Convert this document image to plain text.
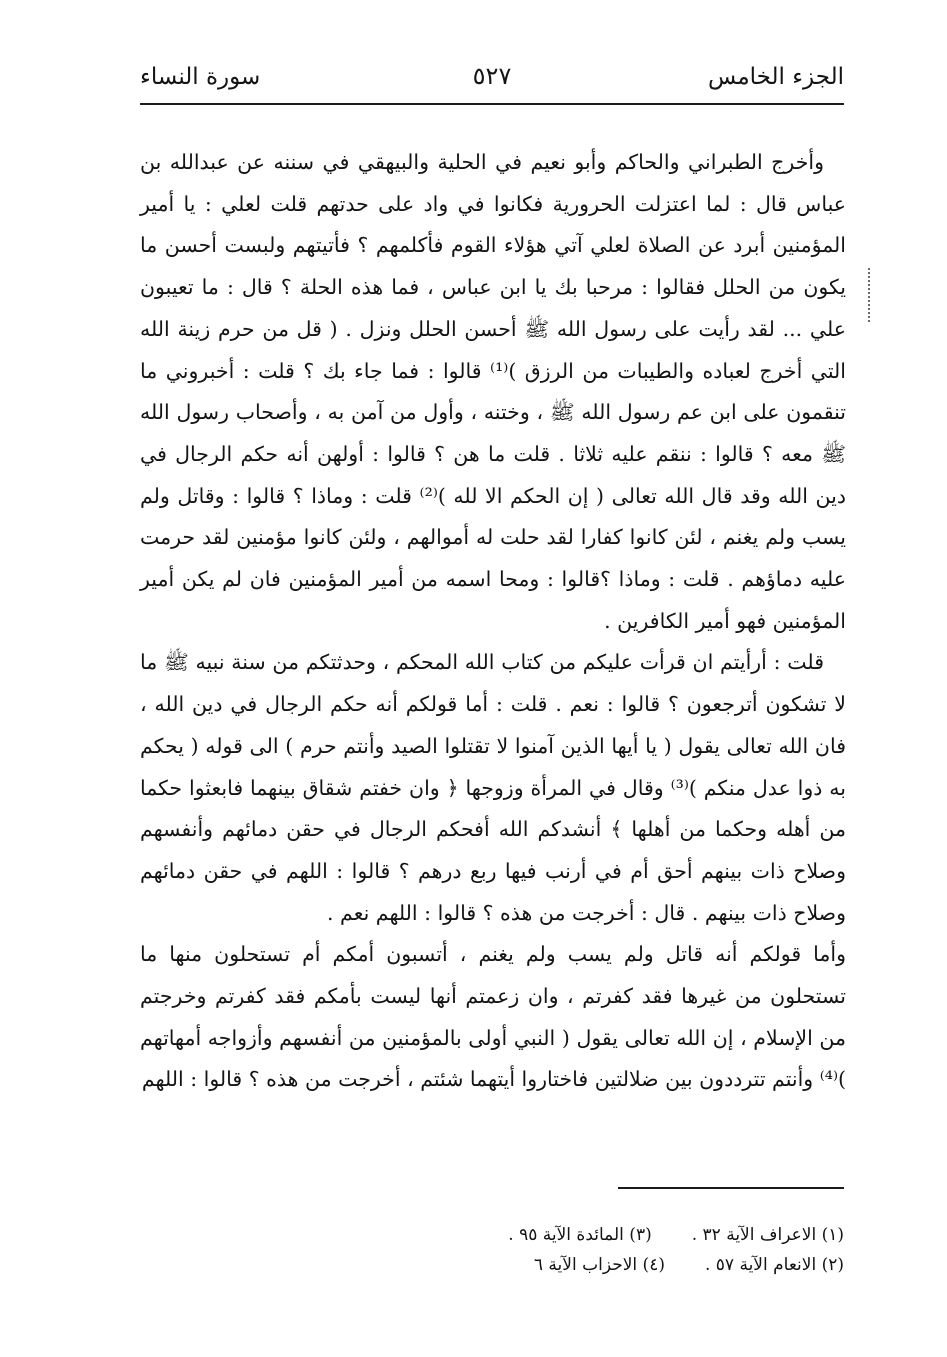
الجزء الخامس
٥٢٧
سورة النساء

وأخرج الطبراني والحاكم وأبو نعيم في الحلية والبيهقي في سننه عن عبدالله بن عباس قال : لما اعتزلت الحرورية فكانوا في واد على حدتهم قلت لعلي : يا أمير المؤمنين أبرد عن الصلاة لعلي آتي هؤلاء القوم فأكلمهم ؟ فأتيتهم ولبست أحسن ما يكون من الحلل فقالوا : مرحبا بك يا ابن عباس ، فما هذه الحلة ؟ قال : ما تعيبون علي ... لقد رأيت على رسول الله ﷺ أحسن الحلل ونزل . ( قل من حرم زينة الله التي أخرج لعباده والطيبات من الرزق )⁽¹⁾ قالوا : فما جاء بك ؟ قلت : أخبروني ما تنقمون على ابن عم رسول الله ﷺ ، وختنه ، وأول من آمن به ، وأصحاب رسول الله ﷺ معه ؟ قالوا : ننقم عليه ثلاثا . قلت ما هن ؟ قالوا : أولهن أنه حكم الرجال في دين الله وقد قال الله تعالى ( إن الحكم الا لله )⁽²⁾ قلت : وماذا ؟ قالوا : وقاتل ولم يسب ولم يغنم ، لئن كانوا كفارا لقد حلت له أموالهم ، ولئن كانوا مؤمنين لقد حرمت عليه دماؤهم . قلت : وماذا ؟قالوا : ومحا اسمه من أمير المؤمنين فان لم يكن أمير المؤمنين فهو أمير الكافرين .

قلت : أرأيتم ان قرأت عليكم من كتاب الله المحكم ، وحدثتكم من سنة نبيه ﷺ ما لا تشكون أترجعون ؟ قالوا : نعم . قلت : أما قولكم أنه حكم الرجال في دين الله ، فان الله تعالى يقول ( يا أيها الذين آمنوا لا تقتلوا الصيد وأنتم حرم ) الى قوله ( يحكم به ذوا عدل منكم )⁽³⁾ وقال في المرأة وزوجها ﴿ وان خفتم شقاق بينهما فابعثوا حكما من أهله وحكما من أهلها ﴾ أنشدكم الله أفحكم الرجال في حقن دمائهم وأنفسهم وصلاح ذات بينهم أحق أم في أرنب فيها ربع درهم ؟ قالوا : اللهم في حقن دمائهم وصلاح ذات بينهم . قال : أخرجت من هذه ؟ قالوا : اللهم نعم .

وأما قولكم أنه قاتل ولم يسب ولم يغنم ، أتسبون أمكم أم تستحلون منها ما تستحلون من غيرها فقد كفرتم ، وان زعمتم أنها ليست بأمكم فقد كفرتم وخرجتم من الإسلام ، إن الله تعالى يقول ( النبي أولى بالمؤمنين من أنفسهم وأزواجه أمهاتهم )⁽⁴⁾ وأنتم تترددون بين ضلالتين فاختاروا أيتهما شئتم ، أخرجت من هذه ؟ قالوا : اللهم

(١) الاعراف الآية ٣٢ .
(٣) المائدة الآية ٩٥ .
(٢) الانعام الآية ٥٧ .
(٤) الاحزاب الآية ٦
